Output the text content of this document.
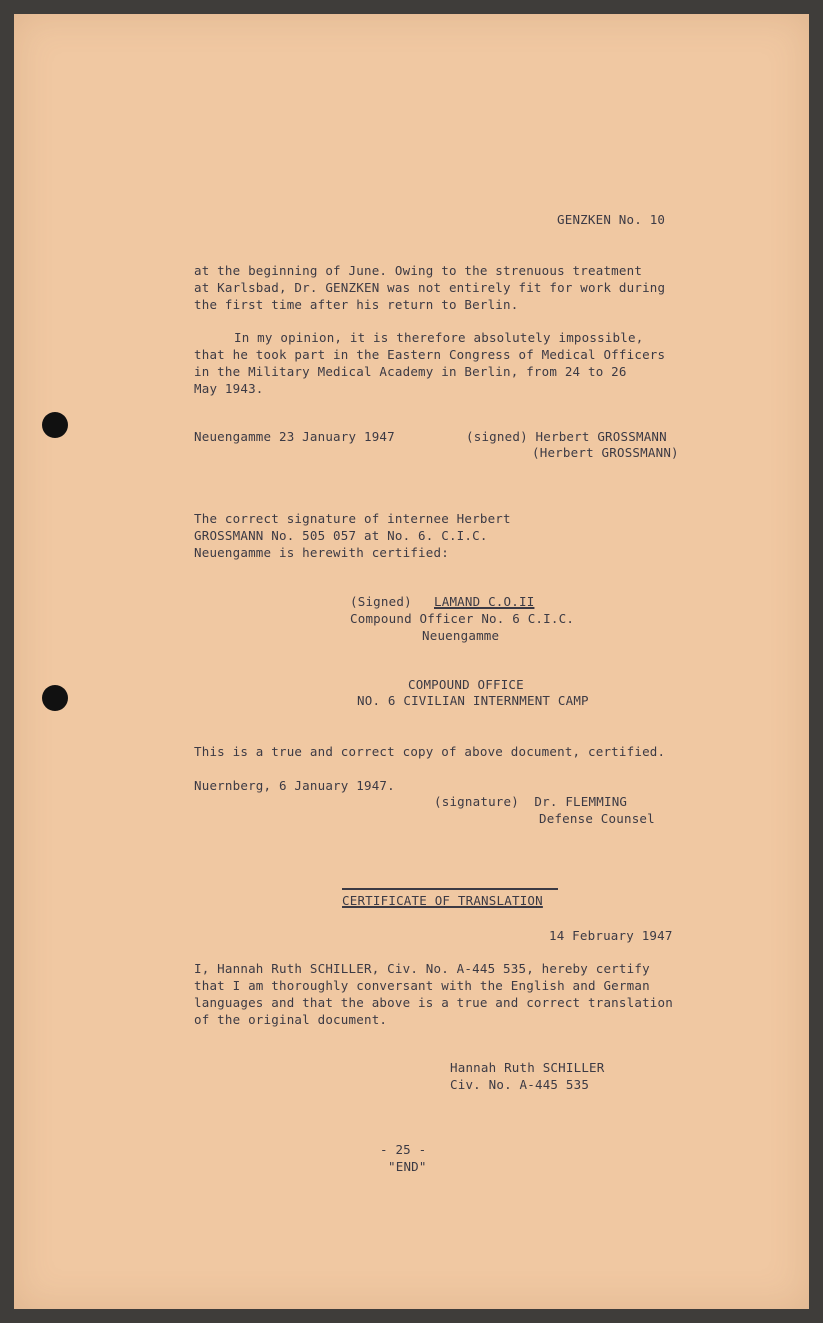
GENZKEN No. 10

at the beginning of June. Owing to the strenuous treatment

at Karlsbad, Dr. GENZKEN was not entirely fit for work during

the first time after his return to Berlin.

In my opinion, it is therefore absolutely impossible,

that he took part in the Eastern Congress of Medical Officers

in the Military Medical Academy in Berlin, from 24 to 26

May 1943.

Neuengamme 23 January 1947	(signed) Herbert GROSSMANN

(Herbert GROSSMANN)

The correct signature of internee Herbert

GROSSMANN No. 505 057 at No. 6. C.I.C.

Neuengamme is herewith certified:

(Signed) LAMAND C.O.II

Compound Officer No. 6 C.I.C.

Neuengamme

COMPOUND OFFICE

NO. 6 CIVILIAN INTERNMENT CAMP

This is a true and correct copy of above document, certified.

Nuernberg, 6 January 1947.

(signature)  Dr. FLEMMING

Defense Counsel

CERTIFICATE OF TRANSLATION

14 February 1947

I, Hannah Ruth SCHILLER, Civ. No. A-445 535, hereby certify

that I am thoroughly conversant with the English and German

languages and that the above is a true and correct translation

of the original document.

Hannah Ruth SCHILLER

Civ. No. A-445 535

- 25 -

"END"
